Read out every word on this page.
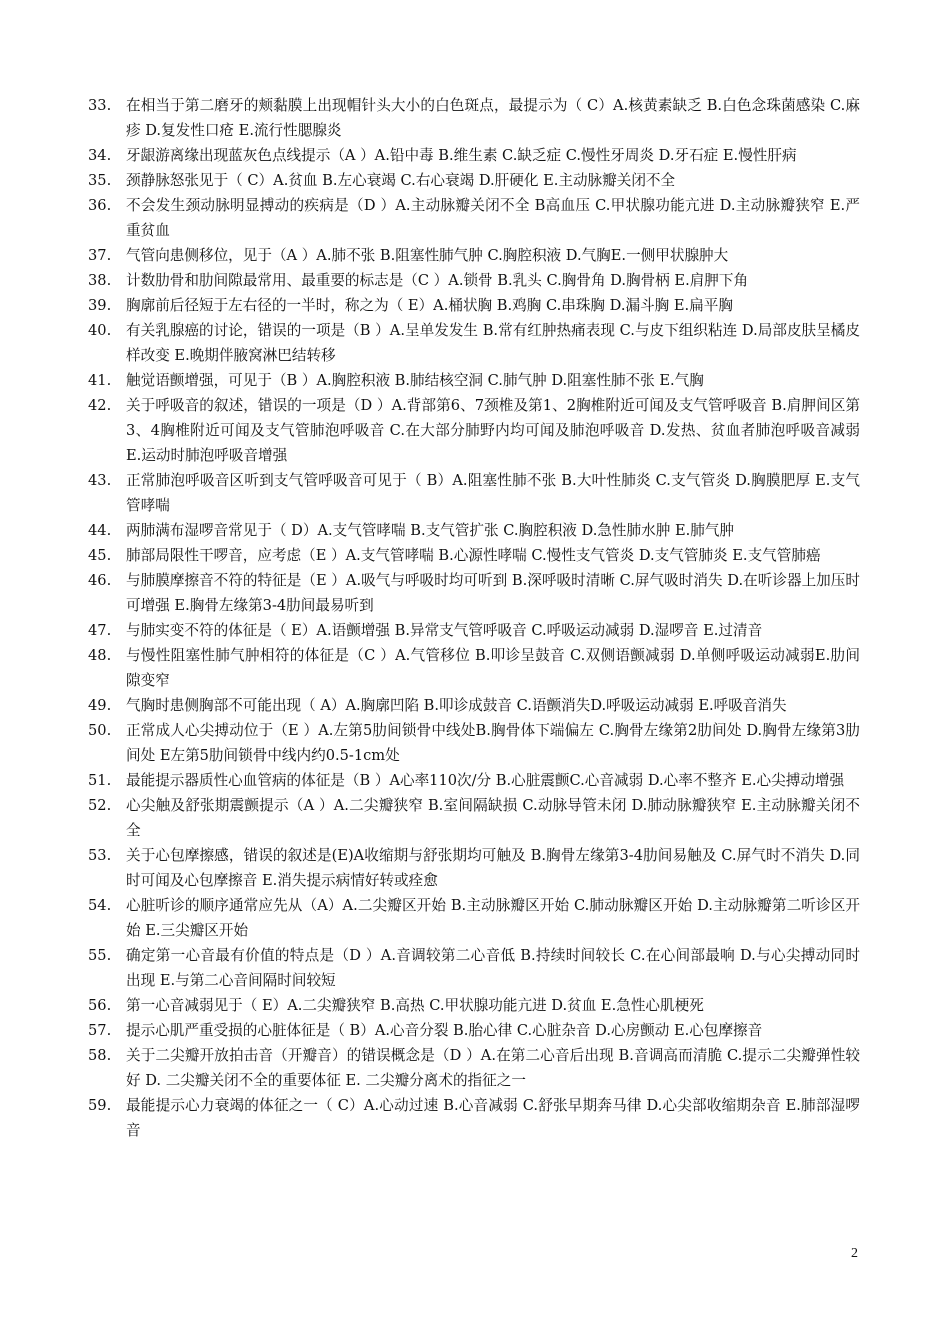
33.	在相当于第二磨牙的颊黏膜上出现帽针头大小的白色斑点，最提示为（ C）A.核黄素缺乏 B.白色念珠菌感染 C.麻疹 D.复发性口疮 E.流行性腮腺炎
34.	牙龈游离缘出现蓝灰色点线提示（A ）A.铅中毒 B.维生素 C.缺乏症 C.慢性牙周炎 D.牙石症 E.慢性肝病
35.	颈静脉怒张见于（ C）A.贫血 B.左心衰竭 C.右心衰竭 D.肝硬化 E.主动脉瓣关闭不全
36.	不会发生颈动脉明显搏动的疾病是（D ）A.主动脉瓣关闭不全 B高血压 C.甲状腺功能亢进 D.主动脉瓣狭窄 E.严重贫血
37.	气管向患侧移位，见于（A ）A.肺不张 B.阻塞性肺气肿 C.胸腔积液 D.气胸E.一侧甲状腺肿大
38.	计数肋骨和肋间隙最常用、最重要的标志是（C ）A.锁骨 B.乳头 C.胸骨角 D.胸骨柄 E.肩胛下角
39.	胸廓前后径短于左右径的一半时，称之为（ E）A.桶状胸 B.鸡胸 C.串珠胸 D.漏斗胸 E.扁平胸
40.	有关乳腺癌的讨论，错误的一项是（B ）A.呈单发发生 B.常有红肿热痛表现 C.与皮下组织粘连 D.局部皮肤呈橘皮样改变 E.晚期伴腋窝淋巴结转移
41.	触觉语颤增强，可见于（B ）A.胸腔积液 B.肺结核空洞 C.肺气肿 D.阻塞性肺不张 E.气胸
42.	关于呼吸音的叙述，错误的一项是（D ）A.背部第6、7颈椎及第1、2胸椎附近可闻及支气管呼吸音 B.肩胛间区第3、4胸椎附近可闻及支气管肺泡呼吸音 C.在大部分肺野内均可闻及肺泡呼吸音 D.发热、贫血者肺泡呼吸音减弱 E.运动时肺泡呼吸音增强
43.	正常肺泡呼吸音区听到支气管呼吸音可见于（ B）A.阻塞性肺不张 B.大叶性肺炎 C.支气管炎 D.胸膜肥厚 E.支气管哮喘
44.	两肺满布湿啰音常见于（ D）A.支气管哮喘 B.支气管扩张 C.胸腔积液 D.急性肺水肿 E.肺气肿
45.	肺部局限性干啰音，应考虑（E ）A.支气管哮喘 B.心源性哮喘 C.慢性支气管炎 D.支气管肺炎 E.支气管肺癌
46.	与肺膜摩擦音不符的特征是（E ）A.吸气与呼吸时均可听到 B.深呼吸时清晰 C.屏气吸时消失 D.在听诊器上加压时可增强 E.胸骨左缘第3-4肋间最易听到
47.	与肺实变不符的体征是（ E）A.语颤增强 B.异常支气管呼吸音 C.呼吸运动减弱 D.湿啰音 E.过清音
48.	与慢性阻塞性肺气肿相符的体征是（C ）A.气管移位 B.叩诊呈鼓音 C.双侧语颤减弱 D.单侧呼吸运动减弱E.肋间隙变窄
49.	气胸时患侧胸部不可能出现（ A）A.胸廓凹陷 B.叩诊成鼓音 C.语颤消失D.呼吸运动减弱 E.呼吸音消失
50.	正常成人心尖搏动位于（E ）A.左第5肋间锁骨中线处B.胸骨体下端偏左 C.胸骨左缘第2肋间处 D.胸骨左缘第3肋间处 E左第5肋间锁骨中线内约0.5-1cm处
51.	最能提示器质性心血管病的体征是（B ）A心率110次/分 B.心脏震颤C.心音减弱 D.心率不整齐 E.心尖搏动增强
52.	心尖触及舒张期震颤提示（A ）A.二尖瓣狭窄 B.室间隔缺损 C.动脉导管未闭 D.肺动脉瓣狭窄 E.主动脉瓣关闭不全
53.	关于心包摩擦感，错误的叙述是(E)A收缩期与舒张期均可触及 B.胸骨左缘第3-4肋间易触及 C.屏气时不消失 D.同时可闻及心包摩擦音 E.消失提示病情好转或痊愈
54.	心脏听诊的顺序通常应先从（A）A.二尖瓣区开始 B.主动脉瓣区开始 C.肺动脉瓣区开始 D.主动脉瓣第二听诊区开始 E.三尖瓣区开始
55.	确定第一心音最有价值的特点是（D ）A.音调较第二心音低 B.持续时间较长 C.在心间部最响 D.与心尖搏动同时出现 E.与第二心音间隔时间较短
56.	第一心音减弱见于（ E）A.二尖瓣狭窄 B.高热 C.甲状腺功能亢进 D.贫血 E.急性心肌梗死
57.	提示心肌严重受损的心脏体征是（ B）A.心音分裂 B.胎心律 C.心脏杂音 D.心房颤动 E.心包摩擦音
58.	关于二尖瓣开放拍击音（开瓣音）的错误概念是（D ）A.在第二心音后出现 B.音调高而清脆 C.提示二尖瓣弹性较好 D. 二尖瓣关闭不全的重要体征 E. 二尖瓣分离术的指征之一
59.	最能提示心力衰竭的体征之一（ C）A.心动过速 B.心音减弱 C.舒张早期奔马律 D.心尖部收缩期杂音 E.肺部湿啰音
2
